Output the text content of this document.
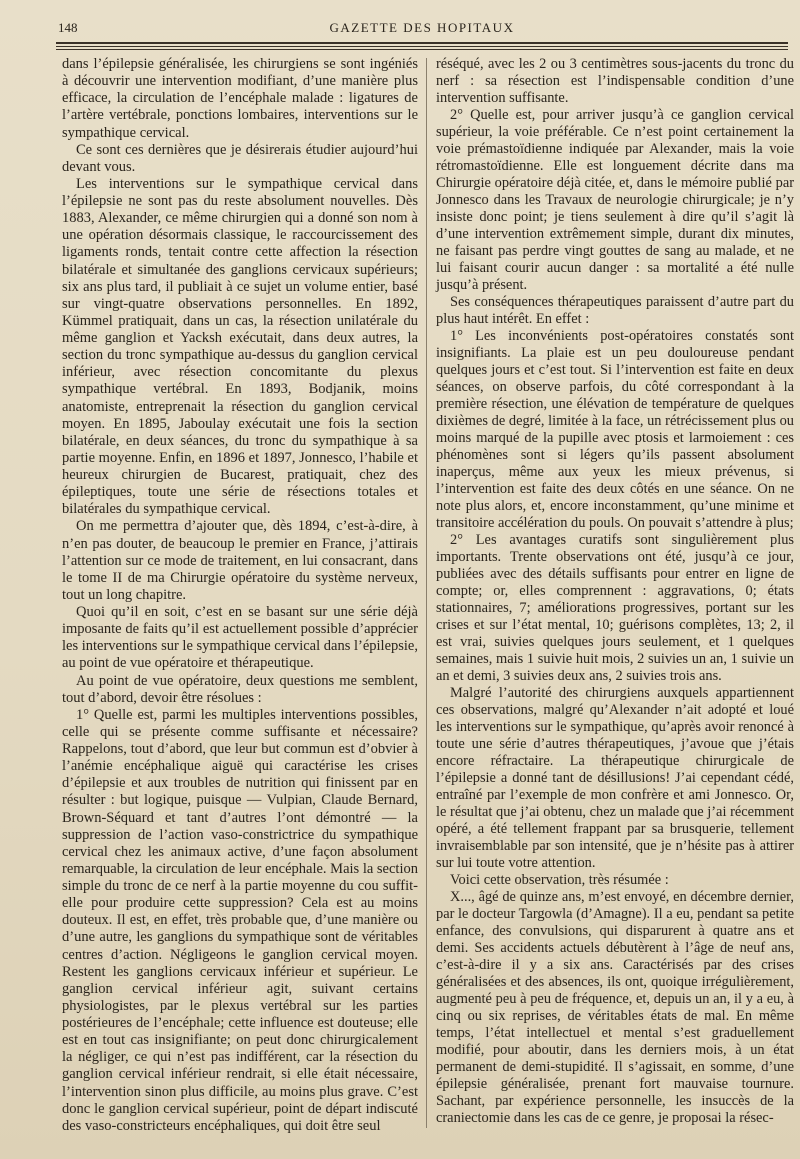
148	GAZETTE DES HOPITAUX

dans l’épilepsie généralisée, les chirurgiens se sont ingéniés à découvrir une intervention modifiant, d’une manière plus efficace, la circulation de l’encéphale malade : ligatures de l’artère vertébrale, ponctions lombaires, interventions sur le sympathique cervical.

Ce sont ces dernières que je désirerais étudier aujourd’hui devant vous.

Les interventions sur le sympathique cervical dans l’épilepsie ne sont pas du reste absolument nouvelles. Dès 1883, Alexander, ce même chirurgien qui a donné son nom à une opération désormais classique, le raccourcissement des ligaments ronds, tentait contre cette affection la résection bilatérale et simultanée des ganglions cervicaux supérieurs; six ans plus tard, il publiait à ce sujet un volume entier, basé sur vingt-quatre observations personnelles. En 1892, Kümmel pratiquait, dans un cas, la résection unilatérale du même ganglion et Yacksh exécutait, dans deux autres, la section du tronc sympathique au-dessus du ganglion cervical inférieur, avec résection concomitante du plexus sympathique vertébral. En 1893, Bodjanik, moins anatomiste, entreprenait la résection du ganglion cervical moyen. En 1895, Jaboulay exécutait une fois la section bilatérale, en deux séances, du tronc du sympathique à sa partie moyenne. Enfin, en 1896 et 1897, Jonnesco, l’habile et heureux chirurgien de Bucarest, pratiquait, chez des épileptiques, toute une série de résections totales et bilatérales du sympathique cervical.

On me permettra d’ajouter que, dès 1894, c’est-à-dire, à n’en pas douter, de beaucoup le premier en France, j’attirais l’attention sur ce mode de traitement, en lui consacrant, dans le tome II de ma Chirurgie opératoire du système nerveux, tout un long chapitre.

Quoi qu’il en soit, c’est en se basant sur une série déjà imposante de faits qu’il est actuellement possible d’apprécier les interventions sur le sympathique cervical dans l’épilepsie, au point de vue opératoire et thérapeutique.

Au point de vue opératoire, deux questions me semblent, tout d’abord, devoir être résolues :

1° Quelle est, parmi les multiples interventions possibles, celle qui se présente comme suffisante et nécessaire? Rappelons, tout d’abord, que leur but commun est d’obvier à l’anémie encéphalique aiguë qui caractérise les crises d’épilepsie et aux troubles de nutrition qui finissent par en résulter : but logique, puisque — Vulpian, Claude Bernard, Brown-Séquard et tant d’autres l’ont démontré — la suppression de l’action vaso-constrictrice du sympathique cervical chez les animaux active, d’une façon absolument remarquable, la circulation de leur encéphale. Mais la section simple du tronc de ce nerf à la partie moyenne du cou suffit-elle pour produire cette suppression? Cela est au moins douteux. Il est, en effet, très probable que, d’une manière ou d’une autre, les ganglions du sympathique sont de véritables centres d’action. Négligeons le ganglion cervical moyen. Restent les ganglions cervicaux inférieur et supérieur. Le ganglion cervical inférieur agit, suivant certains physiologistes, par le plexus vertébral sur les parties postérieures de l’encéphale; cette influence est douteuse; elle est en tout cas insignifiante; on peut donc chirurgicalement la négliger, ce qui n’est pas indifférent, car la résection du ganglion cervical inférieur rendrait, si elle était nécessaire, l’intervention sinon plus difficile, au moins plus grave. C’est donc le ganglion cervical supérieur, point de départ indiscuté des vaso-constricteurs encéphaliques, qui doit être seul

réséqué, avec les 2 ou 3 centimètres sous-jacents du tronc du nerf : sa résection est l’indispensable condition d’une intervention suffisante.

2° Quelle est, pour arriver jusqu’à ce ganglion cervical supérieur, la voie préférable. Ce n’est point certainement la voie prémastoïdienne indiquée par Alexander, mais la voie rétromastoïdienne. Elle est longuement décrite dans ma Chirurgie opératoire déjà citée, et, dans le mémoire publié par Jonnesco dans les Travaux de neurologie chirurgicale; je n’y insiste donc point; je tiens seulement à dire qu’il s’agit là d’une intervention extrêmement simple, durant dix minutes, ne faisant pas perdre vingt gouttes de sang au malade, et ne lui faisant courir aucun danger : sa mortalité a été nulle jusqu’à présent.

Ses conséquences thérapeutiques paraissent d’autre part du plus haut intérêt. En effet :

1° Les inconvénients post-opératoires constatés sont insignifiants. La plaie est un peu douloureuse pendant quelques jours et c’est tout. Si l’intervention est faite en deux séances, on observe parfois, du côté correspondant à la première résection, une élévation de température de quelques dixièmes de degré, limitée à la face, un rétrécissement plus ou moins marqué de la pupille avec ptosis et larmoiement : ces phénomènes sont si légers qu’ils passent absolument inaperçus, même aux yeux les mieux prévenus, si l’intervention est faite des deux côtés en une séance. On ne note plus alors, et, encore inconstamment, qu’une minime et transitoire accélération du pouls. On pouvait s’attendre à plus;

2° Les avantages curatifs sont singulièrement plus importants. Trente observations ont été, jusqu’à ce jour, publiées avec des détails suffisants pour entrer en ligne de compte; or, elles comprennent : aggravations, 0; états stationnaires, 7; améliorations progressives, portant sur les crises et sur l’état mental, 10; guérisons complètes, 13; 2, il est vrai, suivies quelques jours seulement, et 1 quelques semaines, mais 1 suivie huit mois, 2 suivies un an, 1 suivie un an et demi, 3 suivies deux ans, 2 suivies trois ans.

Malgré l’autorité des chirurgiens auxquels appartiennent ces observations, malgré qu’Alexander n’ait adopté et loué les interventions sur le sympathique, qu’après avoir renoncé à toute une série d’autres thérapeutiques, j’avoue que j’étais encore réfractaire. La thérapeutique chirurgicale de l’épilepsie a donné tant de désillusions! J’ai cependant cédé, entraîné par l’exemple de mon confrère et ami Jonnesco. Or, le résultat que j’ai obtenu, chez un malade que j’ai récemment opéré, a été tellement frappant par sa brusquerie, tellement invraisemblable par son intensité, que je n’hésite pas à attirer sur lui toute votre attention.

Voici cette observation, très résumée :

X..., âgé de quinze ans, m’est envoyé, en décembre dernier, par le docteur Targowla (d’Amagne). Il a eu, pendant sa petite enfance, des convulsions, qui disparurent à quatre ans et demi. Ses accidents actuels débutèrent à l’âge de neuf ans, c’est-à-dire il y a six ans. Caractérisés par des crises généralisées et des absences, ils ont, quoique irrégulièrement, augmenté peu à peu de fréquence, et, depuis un an, il y a eu, à cinq ou six reprises, de véritables états de mal. En même temps, l’état intellectuel et mental s’est graduellement modifié, pour aboutir, dans les derniers mois, à un état permanent de demi-stupidité. Il s’agissait, en somme, d’une épilepsie généralisée, prenant fort mauvaise tournure. Sachant, par expérience personnelle, les insuccès de la craniectomie dans les cas de ce genre, je proposai la résec-
